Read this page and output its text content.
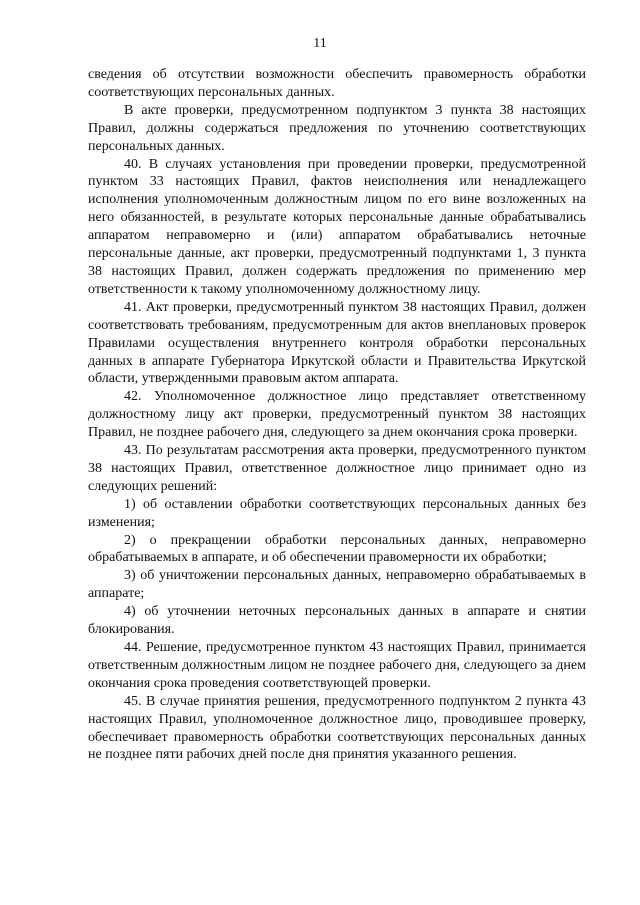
11

сведения об отсутствии возможности обеспечить правомерность обработки соответствующих персональных данных.

В акте проверки, предусмотренном подпунктом 3 пункта 38 настоящих Правил, должны содержаться предложения по уточнению соответствующих персональных данных.

40. В случаях установления при проведении проверки, предусмотренной пунктом 33 настоящих Правил, фактов неисполнения или ненадлежащего исполнения уполномоченным должностным лицом по его вине возложенных на него обязанностей, в результате которых персональные данные обрабатывались аппаратом неправомерно и (или) аппаратом обрабатывались неточные персональные данные, акт проверки, предусмотренный подпунктами 1, 3 пункта 38 настоящих Правил, должен содержать предложения по применению мер ответственности к такому уполномоченному должностному лицу.

41. Акт проверки, предусмотренный пунктом 38 настоящих Правил, должен соответствовать требованиям, предусмотренным для актов внеплановых проверок Правилами осуществления внутреннего контроля обработки персональных данных в аппарате Губернатора Иркутской области и Правительства Иркутской области, утвержденными правовым актом аппарата.

42. Уполномоченное должностное лицо представляет ответственному должностному лицу акт проверки, предусмотренный пунктом 38 настоящих Правил, не позднее рабочего дня, следующего за днем окончания срока проверки.

43. По результатам рассмотрения акта проверки, предусмотренного пунктом 38 настоящих Правил, ответственное должностное лицо принимает одно из следующих решений:

1) об оставлении обработки соответствующих персональных данных без изменения;

2) о прекращении обработки персональных данных, неправомерно обрабатываемых в аппарате, и об обеспечении правомерности их обработки;

3) об уничтожении персональных данных, неправомерно обрабатываемых в аппарате;

4) об уточнении неточных персональных данных в аппарате и снятии блокирования.

44. Решение, предусмотренное пунктом 43 настоящих Правил, принимается ответственным должностным лицом не позднее рабочего дня, следующего за днем окончания срока проведения соответствующей проверки.

45. В случае принятия решения, предусмотренного подпунктом 2 пункта 43 настоящих Правил, уполномоченное должностное лицо, проводившее проверку, обеспечивает правомерность обработки соответствующих персональных данных не позднее пяти рабочих дней после дня принятия указанного решения.
